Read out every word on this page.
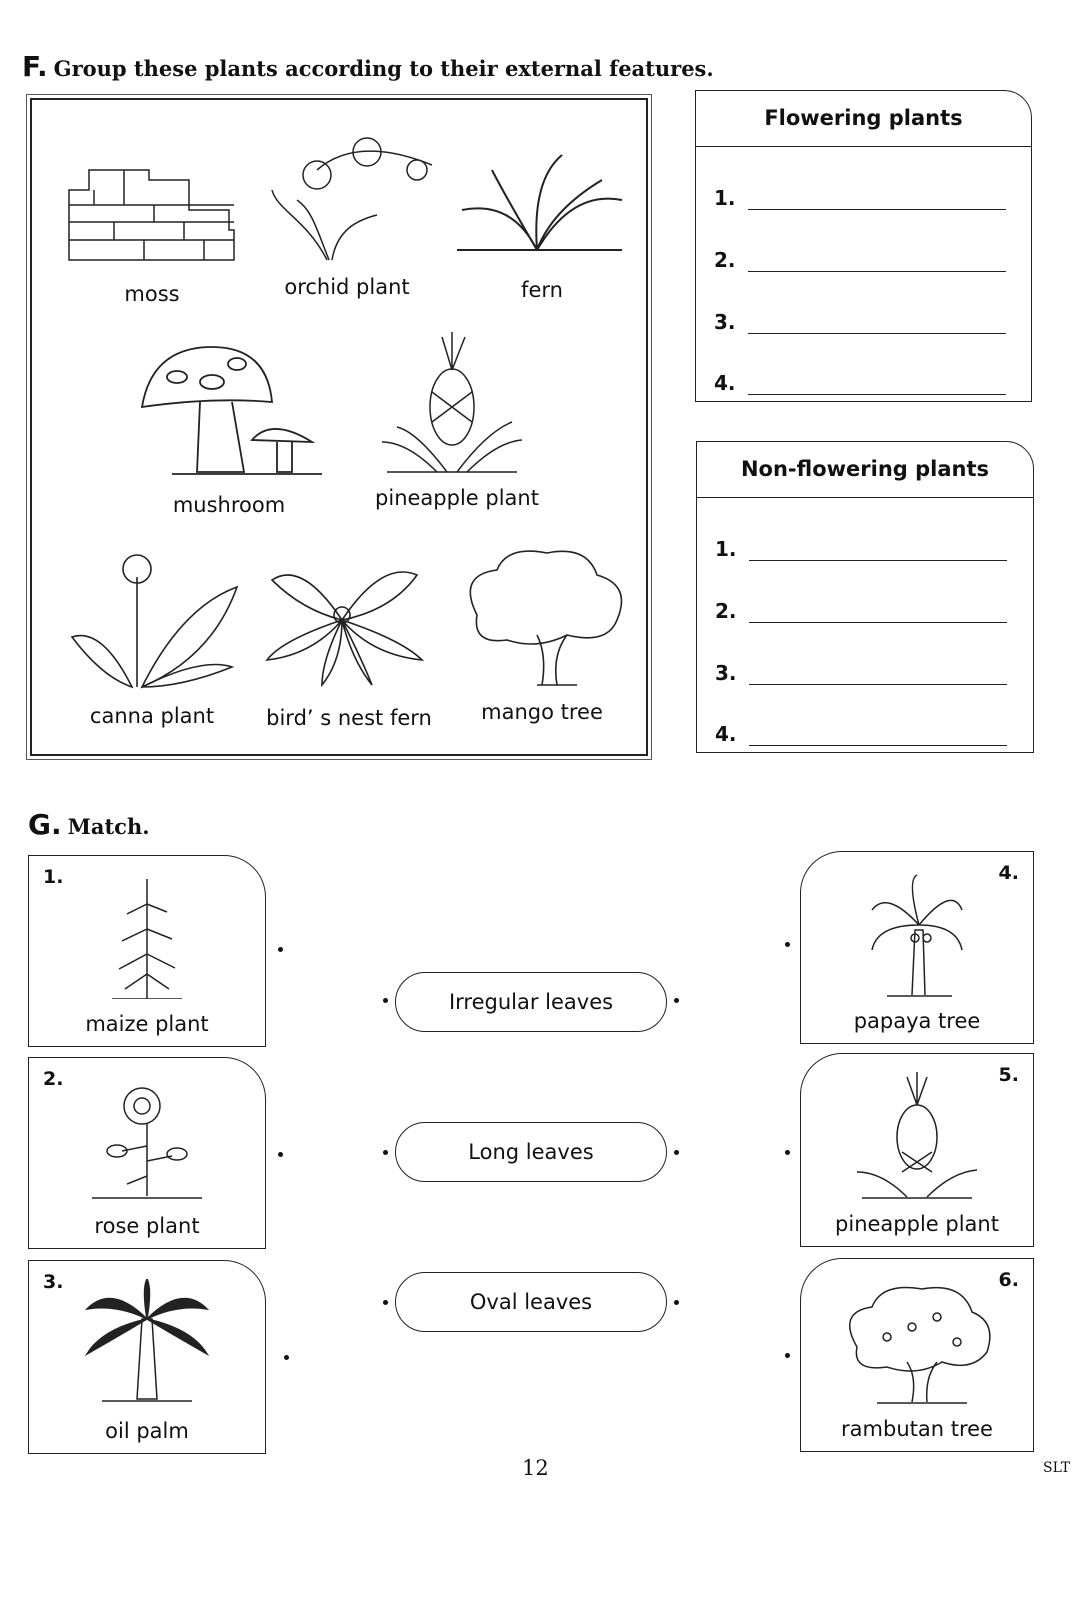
F. Group these plants according to their external features.
moss	orchid plant	fern
mushroom	pineapple plant
canna plant	bird’ s nest fern	mango tree
Flowering plants
1.
2.
3.
4.
Non-flowering plants
1.
2.
3.
4.
G. Match.
1.
maize plant
2.
rose plant
3.
oil palm
Irregular leaves
Long leaves
Oval leaves
4.
papaya tree
5.
pineapple plant
6.
rambutan tree
12	SLT
